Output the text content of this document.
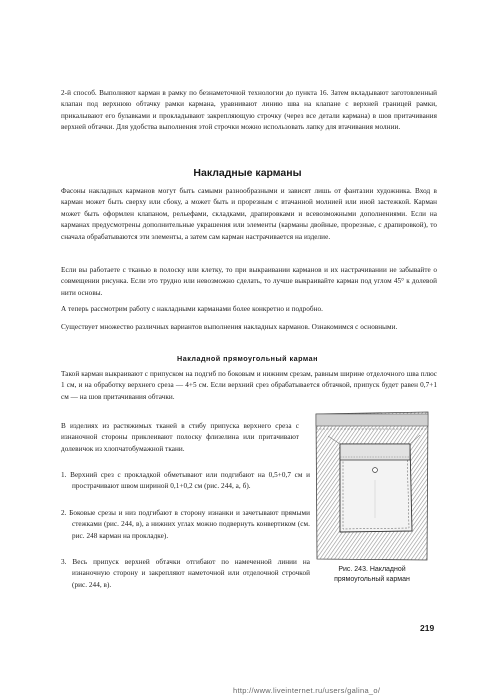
2-й способ. Выполняют карман в рамку по безнаметочной технологии до пункта 16. Затем вкладывают заготовленный клапан под верхнюю обтачку рамки кармана, уравнивают линию шва на клапане с верхней границей рамки, прикалывают его булавками и прокладывают закрепляющую строчку (через все детали кармана) в шов притачивания верхней обтачки. Для удобства выполнения этой строчки можно использовать лапку для втачивания молнии.

Накладные карманы

Фасоны накладных карманов могут быть самыми разнообразными и зависят лишь от фантазии художника. Вход в карман может быть сверху или сбоку, а может быть и прорезным с втачанной молнией или иной застежкой. Карман может быть оформлен клапаном, рельефами, складками, драпировками и всевозможными дополнениями. Если на карманах предусмотрены дополнительные украшения или элементы (карманы двойные, прорезные, с драпировкой), то сначала обрабатываются эти элементы, а затем сам карман настрачивается на изделие.

Если вы работаете с тканью в полоску или клетку, то при выкраивании карманов и их настрачивании не забывайте о совмещении рисунка. Если это трудно или невозможно сделать, то лучше выкраивайте карман под углом 45° к долевой нити основы.

А теперь рассмотрим работу с накладными карманами более конкретно и подробно.

Существует множество различных вариантов выполнения накладных карманов. Ознакомимся с основными.

Накладной прямоугольный карман

Такой карман выкраивают с припуском на подгиб по боковым и нижним срезам, равным ширине отделочного шва плюс 1 см, и на обработку верхнего среза — 4+5 см. Если верхний срез обрабатывается обтачкой, припуск будет равен 0,7+1 см — на шов притачивания обтачки.

В изделиях из растяжимых тканей в стибу припуска верхнего среза с изнаночной стороны приклеивают полоску флизелина или притачивают долевичок из хлопчатобумажной ткани.

1. Верхний срез с прокладкой обметывают или подгибают на 0,5+0,7 см и прострачивают швом шириной 0,1+0,2 см (рис. 244, а, б).

2. Боковые срезы и низ подгибают в сторону изнанки и зачетывают прямыми стежками (рис. 244, в), а нижних углах можно подвернуть конвертиком (см. рис. 248 карман на прокладке).

3. Весь припуск верхней обтачки отгибают по намеченной линии на изнаночную сторону и закрепляют наметочной или отделочной строчкой (рис. 244, в).

Рис. 243. Накладной
прямоугольный карман

219

http://www.liveinternet.ru/users/galina_o/
